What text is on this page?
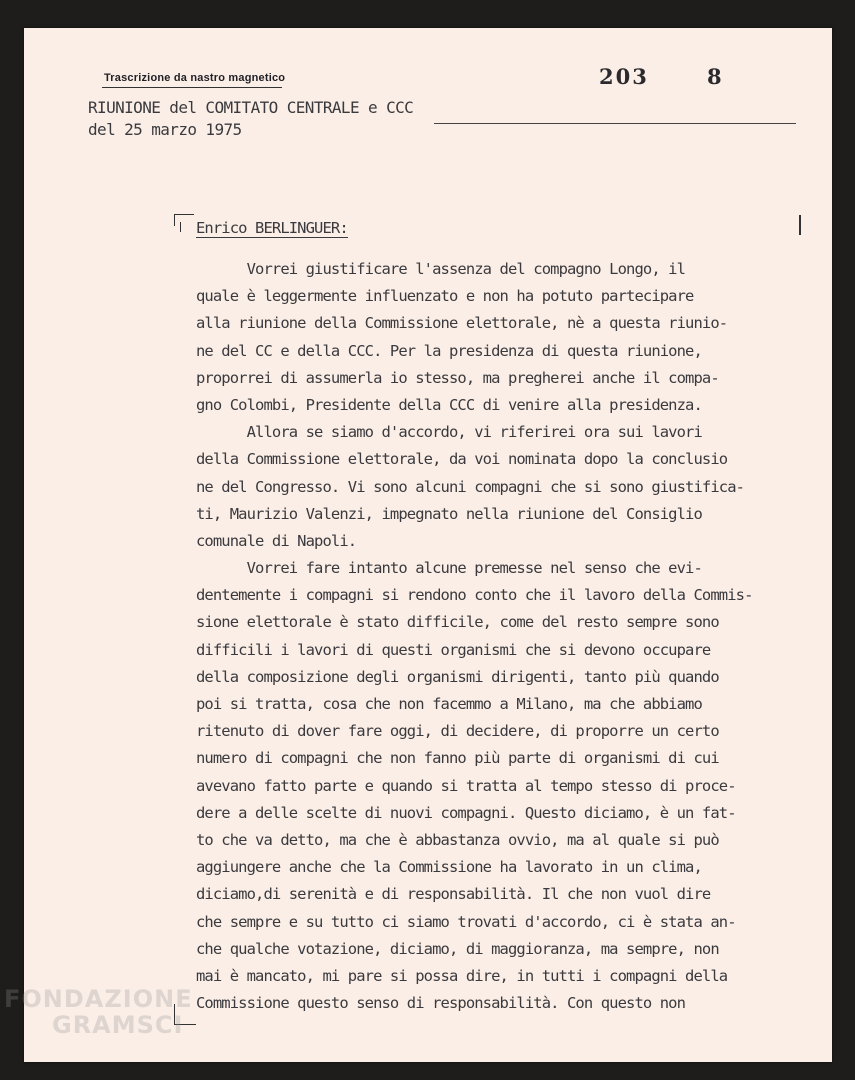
Trascrizione da nastro magnetico	203	8
RIUNIONE del COMITATO CENTRALE e CCC
del 25 marzo 1975
Enrico BERLINGUER:
Vorrei giustificare l'assenza del compagno Longo, il
quale è leggermente influenzato e non ha potuto partecipare
alla riunione della Commissione elettorale, nè a questa riunio-
ne del CC e della CCC. Per la presidenza di questa riunione,
proporrei di assumerla io stesso, ma pregherei anche il compa-
gno Colombi, Presidente della CCC di venire alla presidenza.
Allora se siamo d'accordo, vi riferirei ora sui lavori
della Commissione elettorale, da voi nominata dopo la conclusio
ne del Congresso. Vi sono alcuni compagni che si sono giustifica-
ti, Maurizio Valenzi, impegnato nella riunione del Consiglio
comunale di Napoli.
Vorrei fare intanto alcune premesse nel senso che evi-
dentemente i compagni si rendono conto che il lavoro della Commis-
sione elettorale è stato difficile, come del resto sempre sono
difficili i lavori di questi organismi che si devono occupare
della composizione degli organismi dirigenti, tanto più quando
poi si tratta, cosa che non facemmo a Milano, ma che abbiamo
ritenuto di dover fare oggi, di decidere, di proporre un certo
numero di compagni che non fanno più parte di organismi di cui
avevano fatto parte e quando si tratta al tempo stesso di proce-
dere a delle scelte di nuovi compagni. Questo diciamo, è un fat-
to che va detto, ma che è abbastanza ovvio, ma al quale si può
aggiungere anche che la Commissione ha lavorato in un clima,
diciamo,di serenità e di responsabilità. Il che non vuol dire
che sempre e su tutto ci siamo trovati d'accordo, ci è stata an-
che qualche votazione, diciamo, di maggioranza, ma sempre, non
mai è mancato, mi pare si possa dire, in tutti i compagni della
Commissione questo senso di responsabilità. Con questo non
FONDAZIONE
GRAMSCI
